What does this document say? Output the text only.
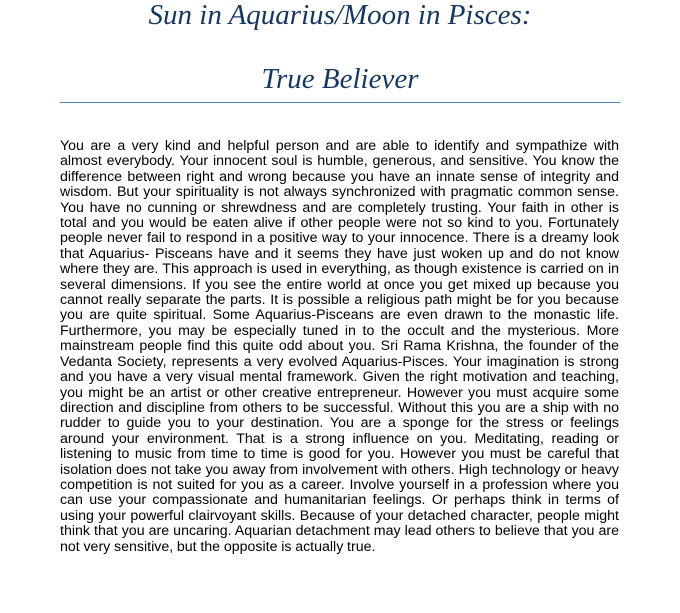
Sun in Aquarius/Moon in Pisces:
True Believer

You are a very kind and helpful person and are able to identify and sympathize with almost everybody. Your innocent soul is humble, generous, and sensitive. You know the difference between right and wrong because you have an innate sense of integrity and wisdom. But your spirituality is not always synchronized with pragmatic common sense. You have no cunning or shrewdness and are completely trusting. Your faith in other is total and you would be eaten alive if other people were not so kind to you. Fortunately people never fail to respond in a positive way to your innocence. There is a dreamy look that Aquarius- Pisceans have and it seems they have just woken up and do not know where they are. This approach is used in everything, as though existence is carried on in several dimensions. If you see the entire world at once you get mixed up because you cannot really separate the parts. It is possible a religious path might be for you because you are quite spiritual. Some Aquarius-Pisceans are even drawn to the monastic life. Furthermore, you may be especially tuned in to the occult and the mysterious. More mainstream people find this quite odd about you. Sri Rama Krishna, the founder of the Vedanta Society, represents a very evolved Aquarius-Pisces. Your imagination is strong and you have a very visual mental framework. Given the right motivation and teaching, you might be an artist or other creative entrepreneur. However you must acquire some direction and discipline from others to be successful. Without this you are a ship with no rudder to guide you to your destination. You are a sponge for the stress or feelings around your environment. That is a strong influence on you. Meditating, reading or listening to music from time to time is good for you. However you must be careful that isolation does not take you away from involvement with others. High technology or heavy competition is not suited for you as a career. Involve yourself in a profession where you can use your compassionate and humanitarian feelings. Or perhaps think in terms of using your powerful clairvoyant skills. Because of your detached character, people might think that you are uncaring. Aquarian detachment may lead others to believe that you are not very sensitive, but the opposite is actually true.
